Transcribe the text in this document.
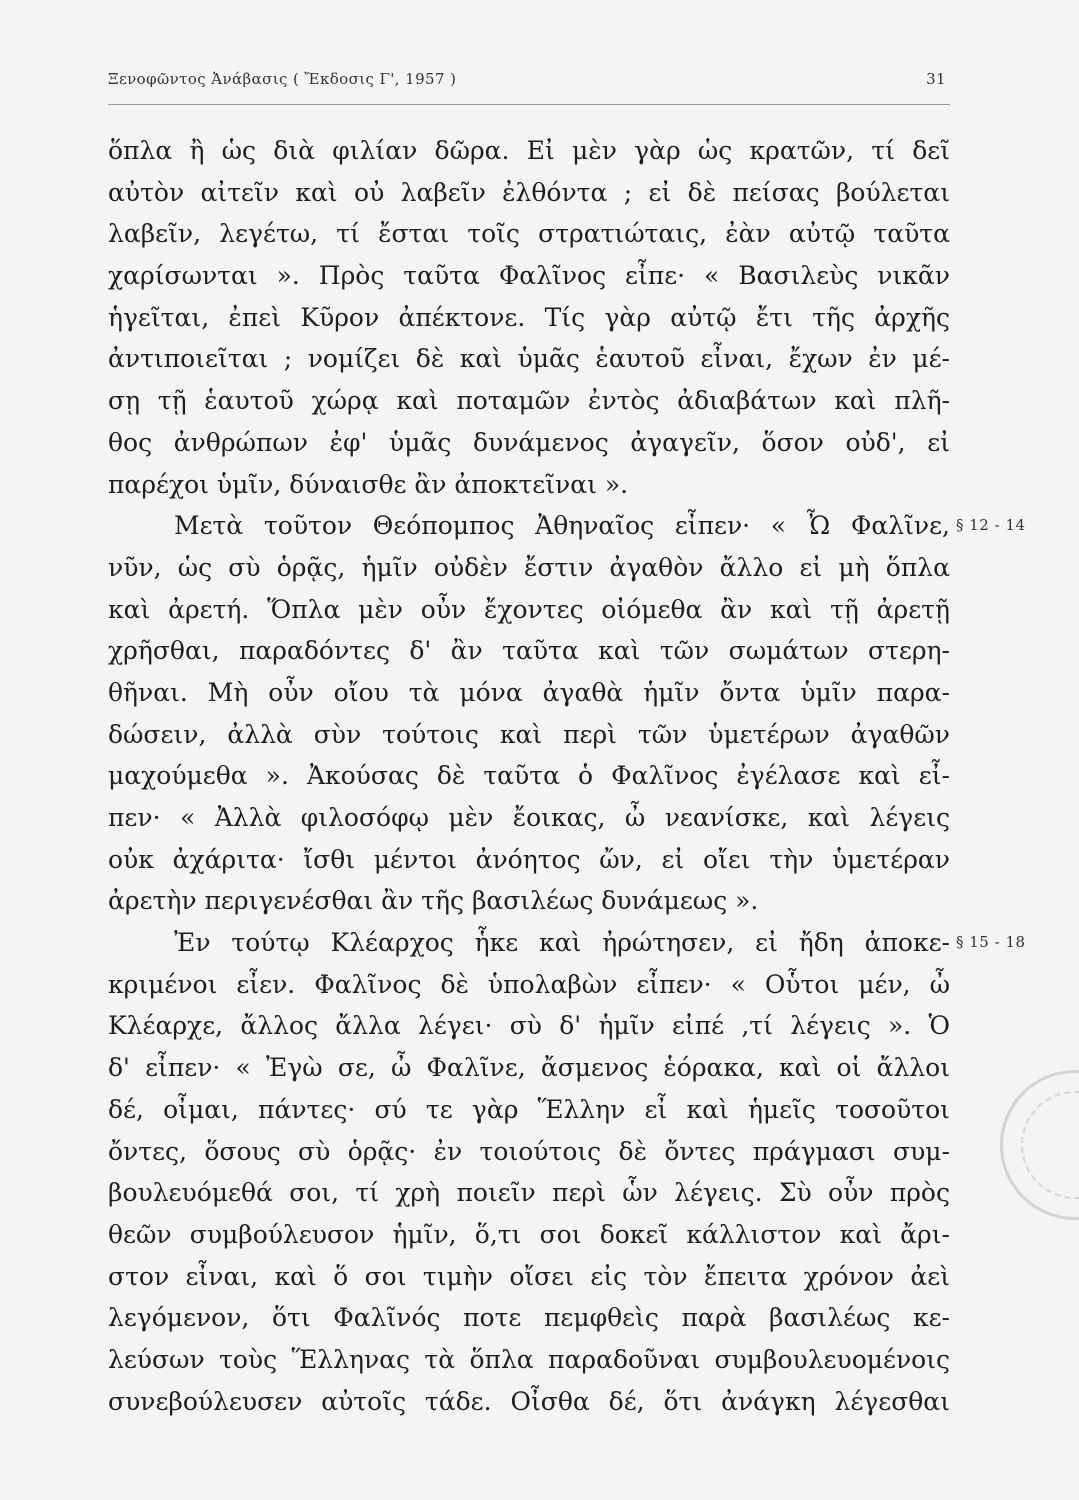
Ξενοφῶντος Ἀνάβασις ( Ἔκδοσις Γ', 1957 )	31
ὅπλα ἢ ὡς διὰ φιλίαν δῶρα. Εἰ μὲν γὰρ ὡς κρατῶν, τί δεῖ
αὐτὸν αἰτεῖν καὶ οὐ λαβεῖν ἐλθόντα ; εἰ δὲ πείσας βούλεται
λαβεῖν, λεγέτω, τί ἔσται τοῖς στρατιώταις, ἐὰν αὐτῷ ταῦτα
χαρίσωνται ». Πρὸς ταῦτα Φαλῖνος εἶπε· « Βασιλεὺς νικᾶν
ἡγεῖται, ἐπεὶ Κῦρον ἀπέκτονε. Τίς γὰρ αὐτῷ ἔτι τῆς ἀρχῆς
ἀντιποιεῖται ; νομίζει δὲ καὶ ὑμᾶς ἑαυτοῦ εἶναι, ἔχων ἐν μέ-
σῃ τῇ ἑαυτοῦ χώρᾳ καὶ ποταμῶν ἐντὸς ἀδιαβάτων καὶ πλῆ-
θος ἀνθρώπων ἐφ' ὑμᾶς δυνάμενος ἀγαγεῖν, ὅσον οὐδ', εἰ
παρέχοι ὑμῖν, δύναισθε ἂν ἀποκτεῖναι ».
Μετὰ τοῦτον Θεόπομπος Ἀθηναῖος εἶπεν· « Ὦ Φαλῖνε, § 12 - 14
νῦν, ὡς σὺ ὁρᾷς, ἡμῖν οὐδὲν ἔστιν ἀγαθὸν ἄλλο εἰ μὴ ὅπλα
καὶ ἀρετή. Ὅπλα μὲν οὖν ἔχοντες οἰόμεθα ἂν καὶ τῇ ἀρετῇ
χρῆσθαι, παραδόντες δ' ἂν ταῦτα καὶ τῶν σωμάτων στερη-
θῆναι. Μὴ οὖν οἴου τὰ μόνα ἀγαθὰ ἡμῖν ὄντα ὑμῖν παρα-
δώσειν, ἀλλὰ σὺν τούτοις καὶ περὶ τῶν ὑμετέρων ἀγαθῶν
μαχούμεθα ». Ἀκούσας δὲ ταῦτα ὁ Φαλῖνος ἐγέλασε καὶ εἶ-
πεν· « Ἀλλὰ φιλοσόφῳ μὲν ἔοικας, ὦ νεανίσκε, καὶ λέγεις
οὐκ ἀχάριτα· ἴσθι μέντοι ἀνόητος ὤν, εἰ οἴει τὴν ὑμετέραν
ἀρετὴν περιγενέσθαι ἂν τῆς βασιλέως δυνάμεως ».
Ἐν τούτῳ Κλέαρχος ἧκε καὶ ἠρώτησεν, εἰ ἤδη ἀποκε- § 15 - 18
κριμένοι εἶεν. Φαλῖνος δὲ ὑπολαβὼν εἶπεν· « Οὗτοι μέν, ὦ
Κλέαρχε, ἄλλος ἄλλα λέγει· σὺ δ' ἡμῖν εἰπέ ,τί λέγεις ». Ὁ
δ' εἶπεν· « Ἐγὼ σε, ὦ Φαλῖνε, ἄσμενος ἑόρακα, καὶ οἱ ἄλλοι
δέ, οἶμαι, πάντες· σύ τε γὰρ Ἕλλην εἶ καὶ ἡμεῖς τοσοῦτοι
ὄντες, ὅσους σὺ ὁρᾷς· ἐν τοιούτοις δὲ ὄντες πράγμασι συμ-
βουλευόμεθά σοι, τί χρὴ ποιεῖν περὶ ὧν λέγεις. Σὺ οὖν πρὸς
θεῶν συμβούλευσον ἡμῖν, ὅ,τι σοι δοκεῖ κάλλιστον καὶ ἄρι-
στον εἶναι, καὶ ὅ σοι τιμὴν οἴσει εἰς τὸν ἔπειτα χρόνον ἀεὶ
λεγόμενον, ὅτι Φαλῖνός ποτε πεμφθεὶς παρὰ βασιλέως κε-
λεύσων τοὺς Ἕλληνας τὰ ὅπλα παραδοῦναι συμβουλευομένοις
συνεβούλευσεν αὐτοῖς τάδε. Οἶσθα δέ, ὅτι ἀνάγκη λέγεσθαι
